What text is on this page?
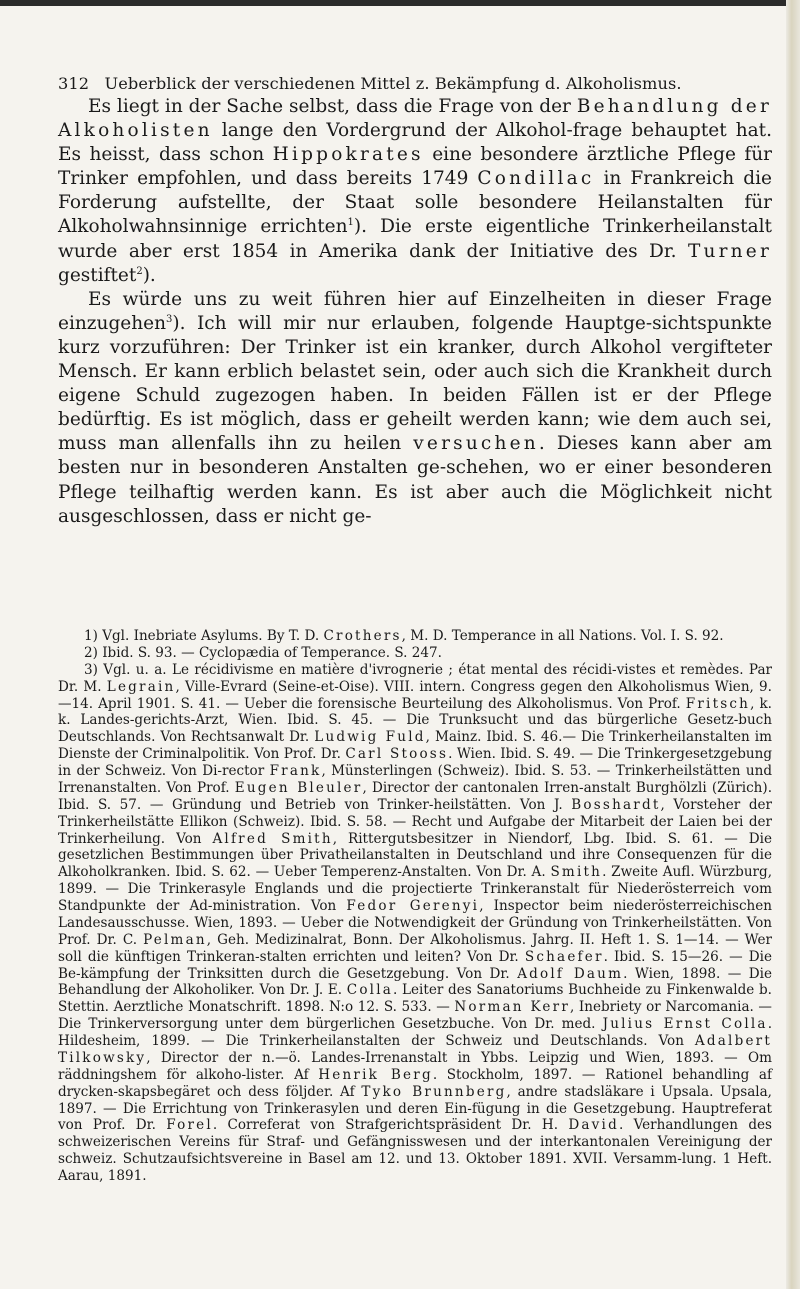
312 Ueberblick der verschiedenen Mittel z. Bekämpfung d. Alkoholismus.

Es liegt in der Sache selbst, dass die Frage von der Behandlung der Alkoholisten lange den Vordergrund der Alkohol-frage behauptet hat. Es heisst, dass schon Hippokrates eine besondere ärztliche Pflege für Trinker empfohlen, und dass bereits 1749 Condillac in Frankreich die Forderung aufstellte, der Staat solle besondere Heilanstalten für Alkoholwahnsinnige errichten$^1$). Die erste eigentliche Trinkerheilanstalt wurde aber erst 1854 in Amerika dank der Initiative des Dr. Turner gestiftet$^2$).

Es würde uns zu weit führen hier auf Einzelheiten in dieser Frage einzugehen$^3$). Ich will mir nur erlauben, folgende Hauptge-sichtspunkte kurz vorzuführen: Der Trinker ist ein kranker, durch Alkohol vergifteter Mensch. Er kann erblich belastet sein, oder auch sich die Krankheit durch eigene Schuld zugezogen haben. In beiden Fällen ist er der Pflege bedürftig. Es ist möglich, dass er geheilt werden kann; wie dem auch sei, muss man allenfalls ihn zu heilen versuchen. Dieses kann aber am besten nur in besonderen Anstalten ge-schehen, wo er einer besonderen Pflege teilhaftig werden kann. Es ist aber auch die Möglichkeit nicht ausgeschlossen, dass er nicht ge-

1) Vgl. Inebriate Asylums. By T. D. Crothers, M. D. Temperance in all Nations. Vol. I. S. 92.

2) Ibid. S. 93. — Cyclopædia of Temperance. S. 247.

3) Vgl. u. a. Le récidivisme en matière d'ivrognerie ; état mental des récidi-vistes et remèdes. Par Dr. M. Legrain, Ville-Evrard (Seine-et-Oise). VIII. intern. Congress gegen den Alkoholismus Wien, 9.—14. April 1901. S. 41. — Ueber die forensische Beurteilung des Alkoholismus. Von Prof. Fritsch, k. k. Landes-gerichts-Arzt, Wien. Ibid. S. 45. — Die Trunksucht und das bürgerliche Gesetz-buch Deutschlands. Von Rechtsanwalt Dr. Ludwig Fuld, Mainz. Ibid. S. 46.— Die Trinkerheilanstalten im Dienste der Criminalpolitik. Von Prof. Dr. Carl Stooss. Wien. Ibid. S. 49. — Die Trinkergesetzgebung in der Schweiz. Von Di-rector Frank, Münsterlingen (Schweiz). Ibid. S. 53. — Trinkerheilstätten und Irrenanstalten. Von Prof. Eugen Bleuler, Director der cantonalen Irren-anstalt Burghölzli (Zürich). Ibid. S. 57. — Gründung und Betrieb von Trinker-heilstätten. Von J. Bosshardt, Vorsteher der Trinkerheilstätte Ellikon (Schweiz). Ibid. S. 58. — Recht und Aufgabe der Mitarbeit der Laien bei der Trinkerheilung. Von Alfred Smith, Rittergutsbesitzer in Niendorf, Lbg. Ibid. S. 61. — Die gesetzlichen Bestimmungen über Privatheilanstalten in Deutschland und ihre Consequenzen für die Alkoholkranken. Ibid. S. 62. — Ueber Temperenz-Anstalten. Von Dr. A. Smith. Zweite Aufl. Würzburg, 1899. — Die Trinkerasyle Englands und die projectierte Trinkeranstalt für Niederösterreich vom Standpunkte der Ad-ministration. Von Fedor Gerenyi, Inspector beim niederösterreichischen Landesausschusse. Wien, 1893. — Ueber die Notwendigkeit der Gründung von Trinkerheilstätten. Von Prof. Dr. C. Pelman, Geh. Medizinalrat, Bonn. Der Alkoholismus. Jahrg. II. Heft 1. S. 1—14. — Wer soll die künftigen Trinkeran-stalten errichten und leiten? Von Dr. Schaefer. Ibid. S. 15—26. — Die Be-kämpfung der Trinksitten durch die Gesetzgebung. Von Dr. Adolf Daum. Wien, 1898. — Die Behandlung der Alkoholiker. Von Dr. J. E. Colla. Leiter des Sanatoriums Buchheide zu Finkenwalde b. Stettin. Aerztliche Monatschrift. 1898. N:o 12. S. 533. — Norman Kerr, Inebriety or Narcomania. — Die Trinkerversorgung unter dem bürgerlichen Gesetzbuche. Von Dr. med. Julius Ernst Colla. Hildesheim, 1899. — Die Trinkerheilanstalten der Schweiz und Deutschlands. Von Adalbert Tilkowsky, Director der n.—ö. Landes-Irrenanstalt in Ybbs. Leipzig und Wien, 1893. — Om räddningshem för alkoho-lister. Af Henrik Berg. Stockholm, 1897. — Rationel behandling af drycken-skapsbegäret och dess följder. Af Tyko Brunnberg, andre stadsläkare i Upsala. Upsala, 1897. — Die Errichtung von Trinkerasylen und deren Ein-fügung in die Gesetzgebung. Hauptreferat von Prof. Dr. Forel. Correferat von Strafgerichtspräsident Dr. H. David. Verhandlungen des schweizerischen Vereins für Straf- und Gefängnisswesen und der interkantonalen Vereinigung der schweiz. Schutzaufsichtsvereine in Basel am 12. und 13. Oktober 1891. XVII. Versamm-lung. 1 Heft. Aarau, 1891.
